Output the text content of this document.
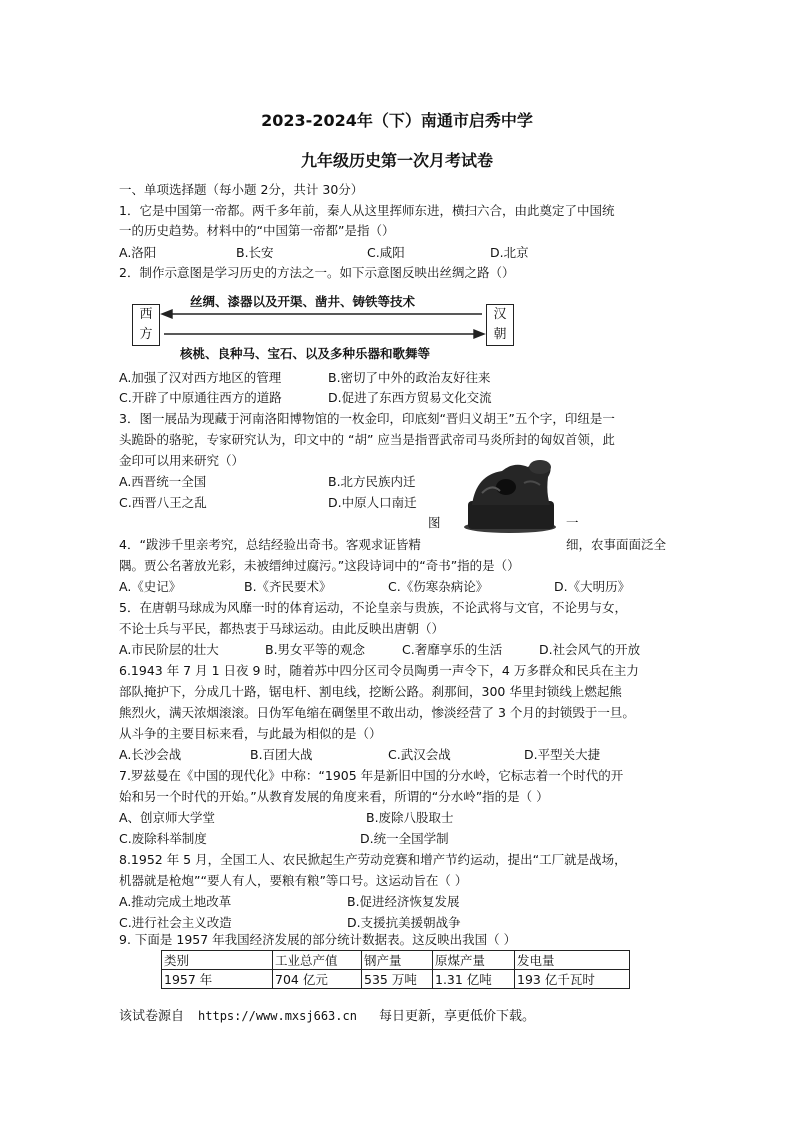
2023-2024年（下）南通市启秀中学
九年级历史第一次月考试卷
一、单项选择题（每小题 2分，共计 30分）
1．它是中国第一帝都。两千多年前，秦人从这里挥师东进，横扫六合，由此奠定了中国统
一的历史趋势。材料中的“中国第一帝都”是指（）
A.洛阳	B.长安	C.咸阳	D.北京
2．制作示意图是学习历史的方法之一。如下示意图反映出丝绸之路（）
西
方
汉
朝
丝绸、漆器以及开渠、凿井、铸铁等技术
核桃、良种马、宝石、以及多种乐器和歌舞等
A.加强了汉对西方地区的管理	B.密切了中外的政治友好往来
C.开辟了中原通往西方的道路	D.促进了东西方贸易文化交流
3．图一展品为现藏于河南洛阳博物馆的一枚金印，印底刻“晋归义胡王”五个字，印纽是一
头跪卧的骆驼，专家研究认为，印文中的 “胡” 应当是指晋武帝司马炎所封的匈奴首领，此
金印可以用来研究（）
A.西晋统一全国	B.北方民族内迁
C.西晋八王之乱	D.中原人口南迁
图	一
4．“跋涉千里亲考究，总结经验出奇书。客观求证皆精	细，农事面面泛全
隅。贾公名著放光彩，未被缙绅过腐污。”这段诗词中的“奇书”指的是（）
A.《史记》	B.《齐民要术》	C.《伤寒杂病论》	D.《大明历》
5．在唐朝马球成为风靡一时的体育运动，不论皇亲与贵族，不论武将与文官，不论男与女，
不论士兵与平民，都热衷于马球运动。由此反映出唐朝（）
A.市民阶层的壮大	B.男女平等的观念	C.奢靡享乐的生活	D.社会风气的开放
6.1943 年 7 月 1 日夜 9 时，随着苏中四分区司令员陶勇一声令下，4 万多群众和民兵在主力
部队掩护下，分成几十路，锯电杆、割电线，挖断公路。刹那间，300 华里封锁线上燃起熊
熊烈火，满天浓烟滚滚。日伪军龟缩在碉堡里不敢出动，惨淡经营了 3 个月的封锁毁于一旦。
从斗争的主要目标来看，与此最为相似的是（）
A.长沙会战	B.百团大战	C.武汉会战	D.平型关大捷
7.罗兹曼在《中国的现代化》中称：“1905 年是新旧中国的分水岭，它标志着一个时代的开
始和另一个时代的开始。”从教育发展的角度来看，所谓的“分水岭”指的是（ ）
A、创京师大学堂	B.废除八股取士
C.废除科举制度	D.统一全国学制
8.1952 年 5 月，全国工人、农民掀起生产劳动竞赛和增产节约运动，提出“工厂就是战场，
机器就是枪炮”“要人有人，要粮有粮”等口号。这运动旨在（ ）
A.推动完成土地改革	B.促进经济恢复发展
C.进行社会主义改造	D.支援抗美援朝战争
9. 下面是 1957 年我国经济发展的部分统计数据表。这反映出我国（ ）
类别	工业总产值	钢产量	原煤产量	发电量
1957 年	704 亿元	535 万吨	1.31 亿吨	193 亿千瓦时
该试卷源自 https://www.mxsj663.cn 每日更新，享更低价下载。
